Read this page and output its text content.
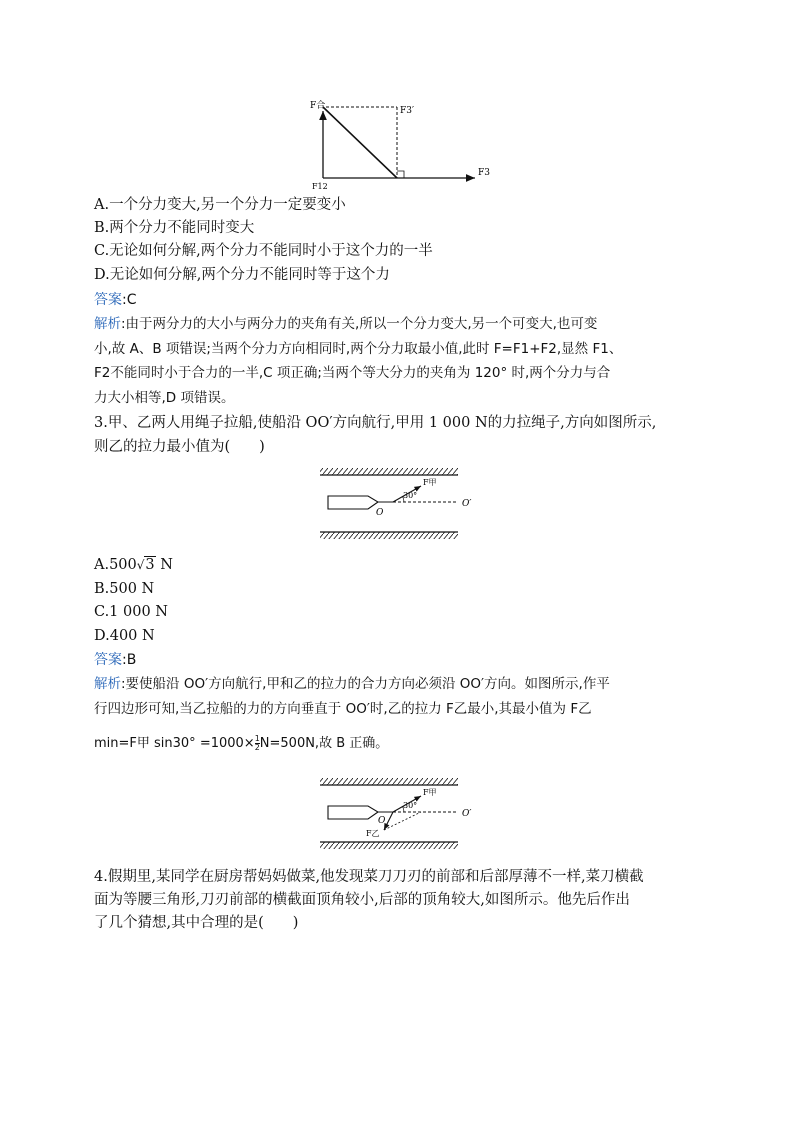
F合	F3′
F3
F12
A.一个分力变大,另一个分力一定要变小
B.两个分力不能同时变大
C.无论如何分解,两个分力不能同时小于这个力的一半
D.无论如何分解,两个分力不能同时等于这个力
答案:C
解析:由于两分力的大小与两分力的夹角有关,所以一个分力变大,另一个可变大,也可变
小,故 A、B 项错误;当两个分力方向相同时,两个分力取最小值,此时 F=F1+F2,显然 F1、
F2不能同时小于合力的一半,C 项正确;当两个等大分力的夹角为 120° 时,两个分力与合
力大小相等,D 项错误。
3.甲、乙两人用绳子拉船,使船沿 OO′方向航行,甲用 1 000 N的力拉绳子,方向如图所示,
则乙的拉力最小值为(　　)
30°
F甲
O
O′
A.500√3 N
B.500 N
C.1 000 N
D.400 N
答案:B
解析:要使船沿 OO′方向航行,甲和乙的拉力的合力方向必须沿 OO′方向。如图所示,作平
行四边形可知,当乙拉船的力的方向垂直于 OO′时,乙的拉力 F乙最小,其最小值为 F乙
min=F甲 $\sin 30^\circ =1000\times \frac{1}{2} N=500N$,故 B 正确。
30°
F甲
O
O′
F乙
4.假期里,某同学在厨房帮妈妈做菜,他发现菜刀刀刃的前部和后部厚薄不一样,菜刀横截
面为等腰三角形,刀刃前部的横截面顶角较小,后部的顶角较大,如图所示。他先后作出
了几个猜想,其中合理的是(　　)
